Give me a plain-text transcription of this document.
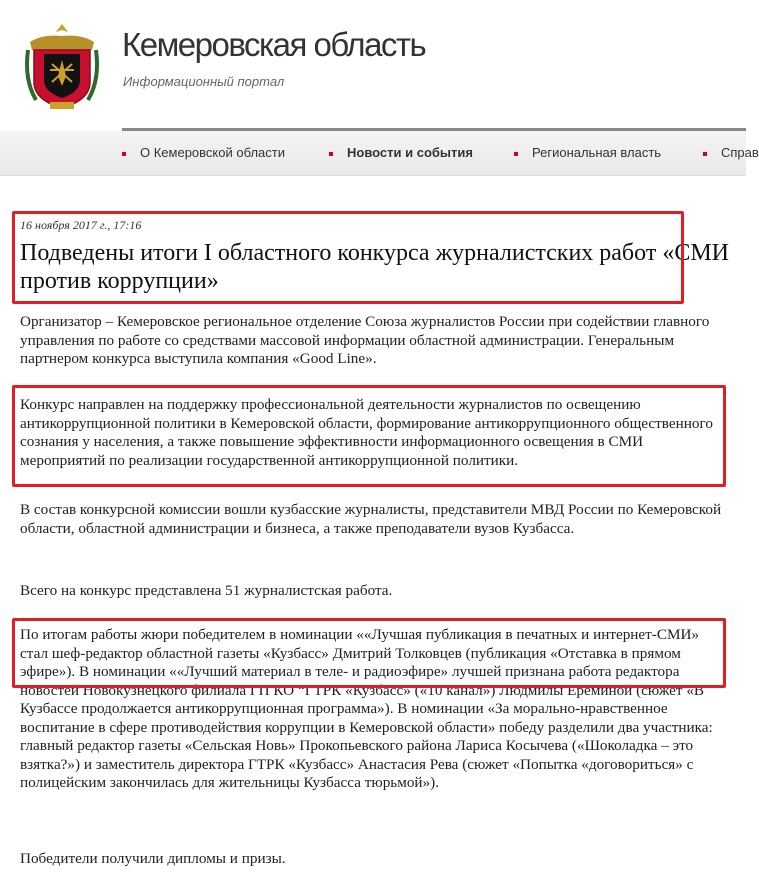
Кемеровская область
Информационный портал
О Кемеровской области	Новости и события	Региональная власть	Справ

16 ноября 2017 г., 17:16

Подведены итоги I областного конкурса журналистских работ «СМИ против коррупции»

Организатор – Кемеровское региональное отделение Союза журналистов России при содействии главного управления по работе со средствами массовой информации областной администрации. Генеральным партнером конкурса выступила компания «Good Line».

Конкурс направлен на поддержку профессиональной деятельности журналистов по освещению антикоррупционной политики в Кемеровской области, формирование антикоррупционного общественного сознания у населения, а также повышение эффективности информационного освещения в СМИ мероприятий по реализации государственной антикоррупционной политики.

В состав конкурсной комиссии вошли кузбасские журналисты, представители МВД России по Кемеровской области, областной администрации и бизнеса, а также преподаватели вузов Кузбасса.

Всего на конкурс представлена 51 журналистская работа.

По итогам работы жюри победителем в номинации ««Лучшая публикация в печатных и интернет-СМИ» стал шеф-редактор областной газеты «Кузбасс» Дмитрий Толковцев (публикация «Отставка в прямом эфире»). В номинации ««Лучший материал в теле- и радиоэфире» лучшей признана работа редактора новостей Новокузнецкого филиала ГП КО “ГТРК «Кузбасс» («10 канал») Людмилы Ереминой (сюжет «В Кузбассе продолжается антикоррупционная программа»). В номинации «За морально-нравственное воспитание в сфере противодействия коррупции в Кемеровской области» победу разделили два участника: главный редактор газеты «Сельская Новь» Прокопьевского района Лариса Косычева («Шоколадка – это взятка?») и заместитель директора ГТРК «Кузбасс» Анастасия Рева (сюжет «Попытка «договориться» с полицейским закончилась для жительницы Кузбасса тюрьмой»).

Победители получили дипломы и призы.
